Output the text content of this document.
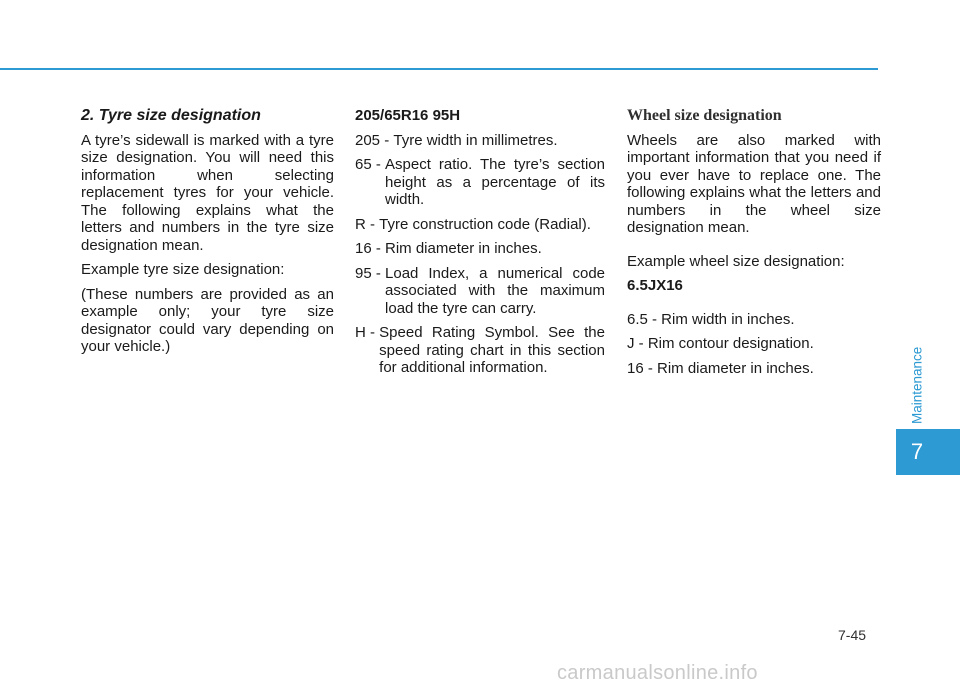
2. Tyre size designation

A tyre’s sidewall is marked with a tyre size designation. You will need this information when selecting replacement tyres for your vehicle. The following explains what the letters and numbers in the tyre size designation mean.

Example tyre size designation:

(These numbers are provided as an example only; your tyre size designator could vary depending on your vehicle.)

205/65R16 95H

205 - Tyre width in millimetres.
65 - Aspect ratio. The tyre’s section height as a percentage of its width.
R - Tyre construction code (Radial).
16 - Rim diameter in inches.
95 - Load Index, a numerical code associated with the maximum load the tyre can carry.
H - Speed Rating Symbol. See the speed rating chart in this section for additional information.

Wheel size designation

Wheels are also marked with important information that you need if you ever have to replace one. The following explains what the letters and numbers in the wheel size designation mean.

Example wheel size designation:

6.5JX16

6.5 - Rim width in inches.

J - Rim contour designation.

16 - Rim diameter in inches.	Maintenance
7
7-45
carmanualsonline.info
